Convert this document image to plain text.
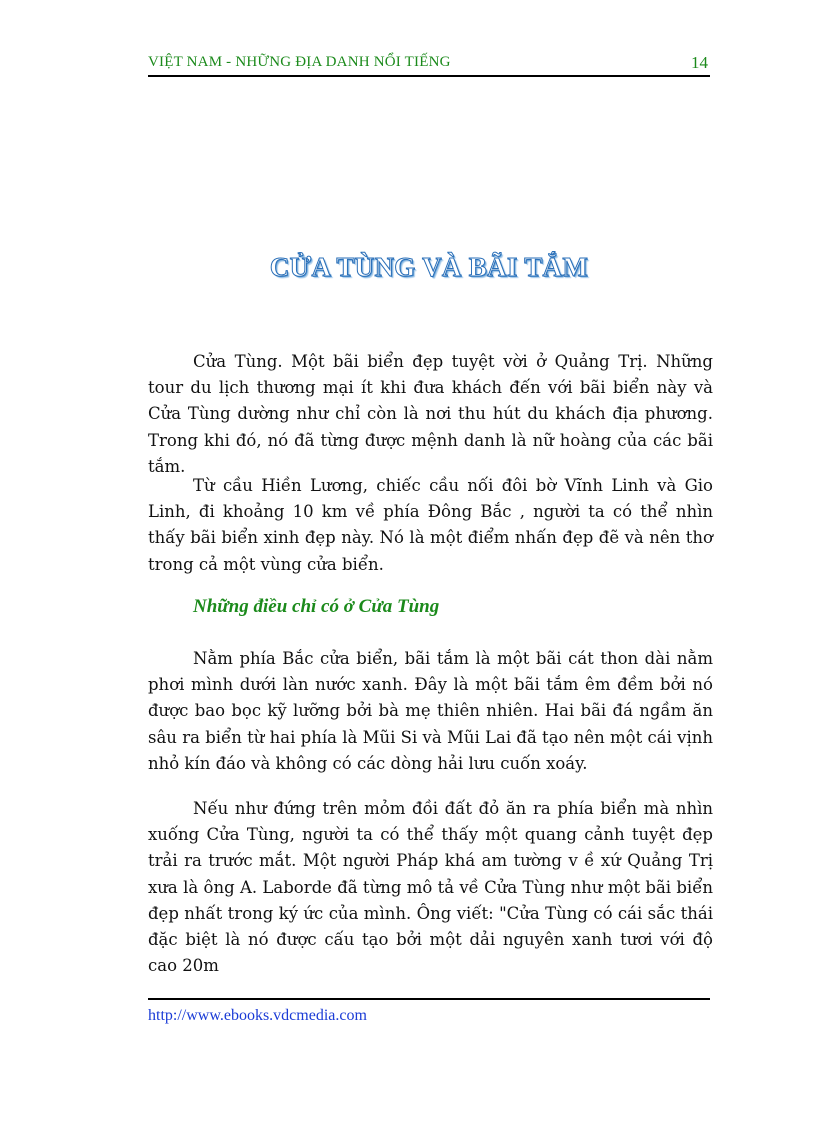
VIỆT NAM - NHỮNG ĐỊA DANH NỔI TIẾNG	14
CỬA TÙNG VÀ BÃI TẮM

Cửa Tùng. Một bãi biển đẹp tuyệt vời ở Quảng Trị. Những tour du lịch thương mại ít khi đưa khách đến với bãi biển này và Cửa Tùng dường như chỉ còn là nơi thu hút du khách địa phương. Trong khi đó, nó đã từng được mệnh danh là nữ hoàng của các bãi tắm.

Từ cầu Hiền Lương, chiếc cầu nối đôi bờ Vĩnh Linh và Gio Linh, đi khoảng 10 km về phía Đông Bắc , người ta có thể nhìn thấy bãi biển xinh đẹp này. Nó là một điểm nhấn đẹp đẽ và nên thơ trong cả một vùng cửa biển.

Những điều chỉ có ở Cửa Tùng

Nằm phía Bắc cửa biển, bãi tắm là một bãi cát thon dài nằm phơi mình dưới làn nước xanh. Đây là một bãi tắm êm đềm bởi nó được bao bọc kỹ lưỡng bởi bà mẹ thiên nhiên. Hai bãi đá ngầm ăn sâu ra biển từ hai phía là Mũi Si và Mũi Lai đã tạo nên một cái vịnh nhỏ kín đáo và không có các dòng hải lưu cuốn xoáy.

Nếu như đứng trên mỏm đồi đất đỏ ăn ra phía biển mà nhìn xuống Cửa Tùng, người ta có thể thấy một quang cảnh tuyệt đẹp trải ra trước mắt. Một người Pháp khá am tường v ề xứ Quảng Trị xưa là ông A. Laborde đã từng mô tả về Cửa Tùng như một bãi biển đẹp nhất trong ký ức của mình. Ông viết: "Cửa Tùng có cái sắc thái đặc biệt là nó được cấu tạo bởi một dải nguyên xanh tươi với độ cao 20m

http://www.ebooks.vdcmedia.com
